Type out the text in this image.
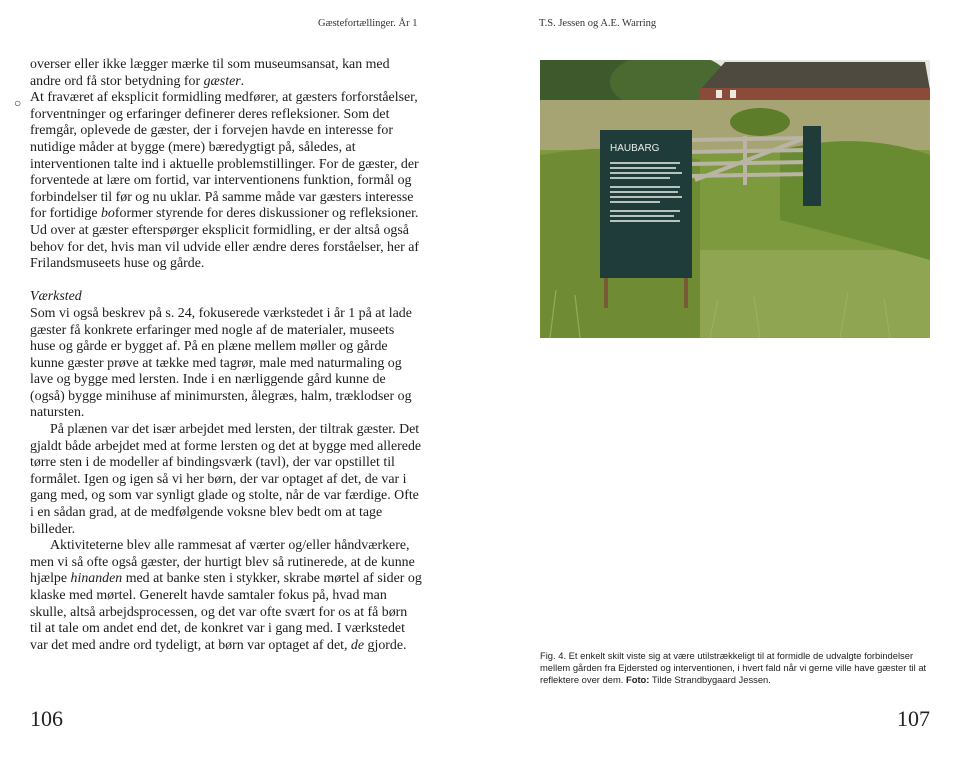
Gæstefortællinger. År 1	T.S. Jessen og A.E. Warring
○

overser eller ikke lægger mærke til som museumsansat, kan med andre ord få stor betydning for gæster.

At fraværet af eksplicit formidling medfører, at gæsters forforståelser, forventninger og erfaringer definerer deres refleksioner. Som det fremgår, oplevede de gæster, der i forvejen havde en interesse for nutidige måder at bygge (mere) bæredygtigt på, således, at interventionen talte ind i aktuelle problemstillinger. For de gæster, der forventede at lære om fortid, var interventionens funktion, formål og forbindelser til før og nu uklar. På samme måde var gæsters interesse for fortidige boformer styrende for deres diskussioner og refleksioner. Ud over at gæster efterspørger eksplicit formidling, er der altså også behov for det, hvis man vil udvide eller ændre deres forståelser, her af Frilandsmuseets huse og gårde.

Værksted

Som vi også beskrev på s. 24, fokuserede værkstedet i år 1 på at lade gæster få konkrete erfaringer med nogle af de materialer, museets huse og gårde er bygget af. På en plæne mellem møller og gårde kunne gæster prøve at tække med tagrør, male med naturmaling og lave og bygge med lersten. Inde i en nærliggende gård kunne de (også) bygge minihuse af minimursten, ålegræs, halm, træklodser og natursten.

På plænen var det især arbejdet med lersten, der tiltrak gæster. Det gjaldt både arbejdet med at forme lersten og det at bygge med allerede tørre sten i de modeller af bindingsværk (tavl), der var opstillet til formålet. Igen og igen så vi her børn, der var optaget af det, de var i gang med, og som var synligt glade og stolte, når de var færdige. Ofte i en sådan grad, at de medfølgende voksne blev bedt om at tage billeder.

Aktiviteterne blev alle rammesat af værter og/eller håndværkere, men vi så ofte også gæster, der hurtigt blev så rutinerede, at de kunne hjælpe hinanden med at banke sten i stykker, skrabe mørtel af sider og klaske med mørtel. Generelt havde samtaler fokus på, hvad man skulle, altså arbejdsprocessen, og det var ofte svært for os at få børn til at tale om andet end det, de konkret var i gang med. I værkstedet var det med andre ord tydeligt, at børn var optaget af det, de gjorde.

HAUBARG
Fig. 4. Et enkelt skilt viste sig at være utilstrækkeligt til at formidle de udvalgte forbindelser mellem gården fra Ejdersted og interventionen, i hvert fald når vi gerne ville have gæster til at reflektere over dem. Foto: Tilde Strandbygaard Jessen.
106	107
